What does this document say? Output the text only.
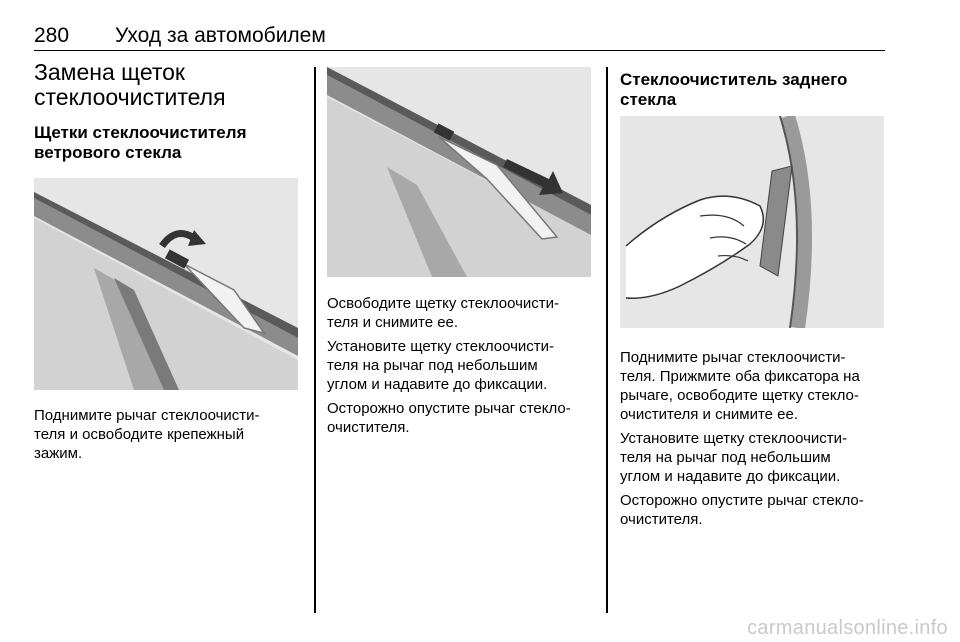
280 Уход за автомобилем
Замена щеток
стеклоочистителя
Щетки стеклоочистителя
ветрового стекла

Поднимите рычаг стеклоочисти-
теля и освободите крепежный
зажим.

Освободите щетку стеклоочисти-
теля и снимите ее.

Установите щетку стеклоочисти-
теля на рычаг под небольшим
углом и надавите до фиксации.

Осторожно опустите рычаг стекло-
очистителя.

Стеклоочиститель заднего
стекла

Поднимите рычаг стеклоочисти-
теля. Прижмите оба фиксатора на
рычаге, освободите щетку стекло-
очистителя и снимите ее.

Установите щетку стеклоочисти-
теля на рычаг под небольшим
углом и надавите до фиксации.

Осторожно опустите рычаг стекло-
очистителя.

carmanualsonline.info
